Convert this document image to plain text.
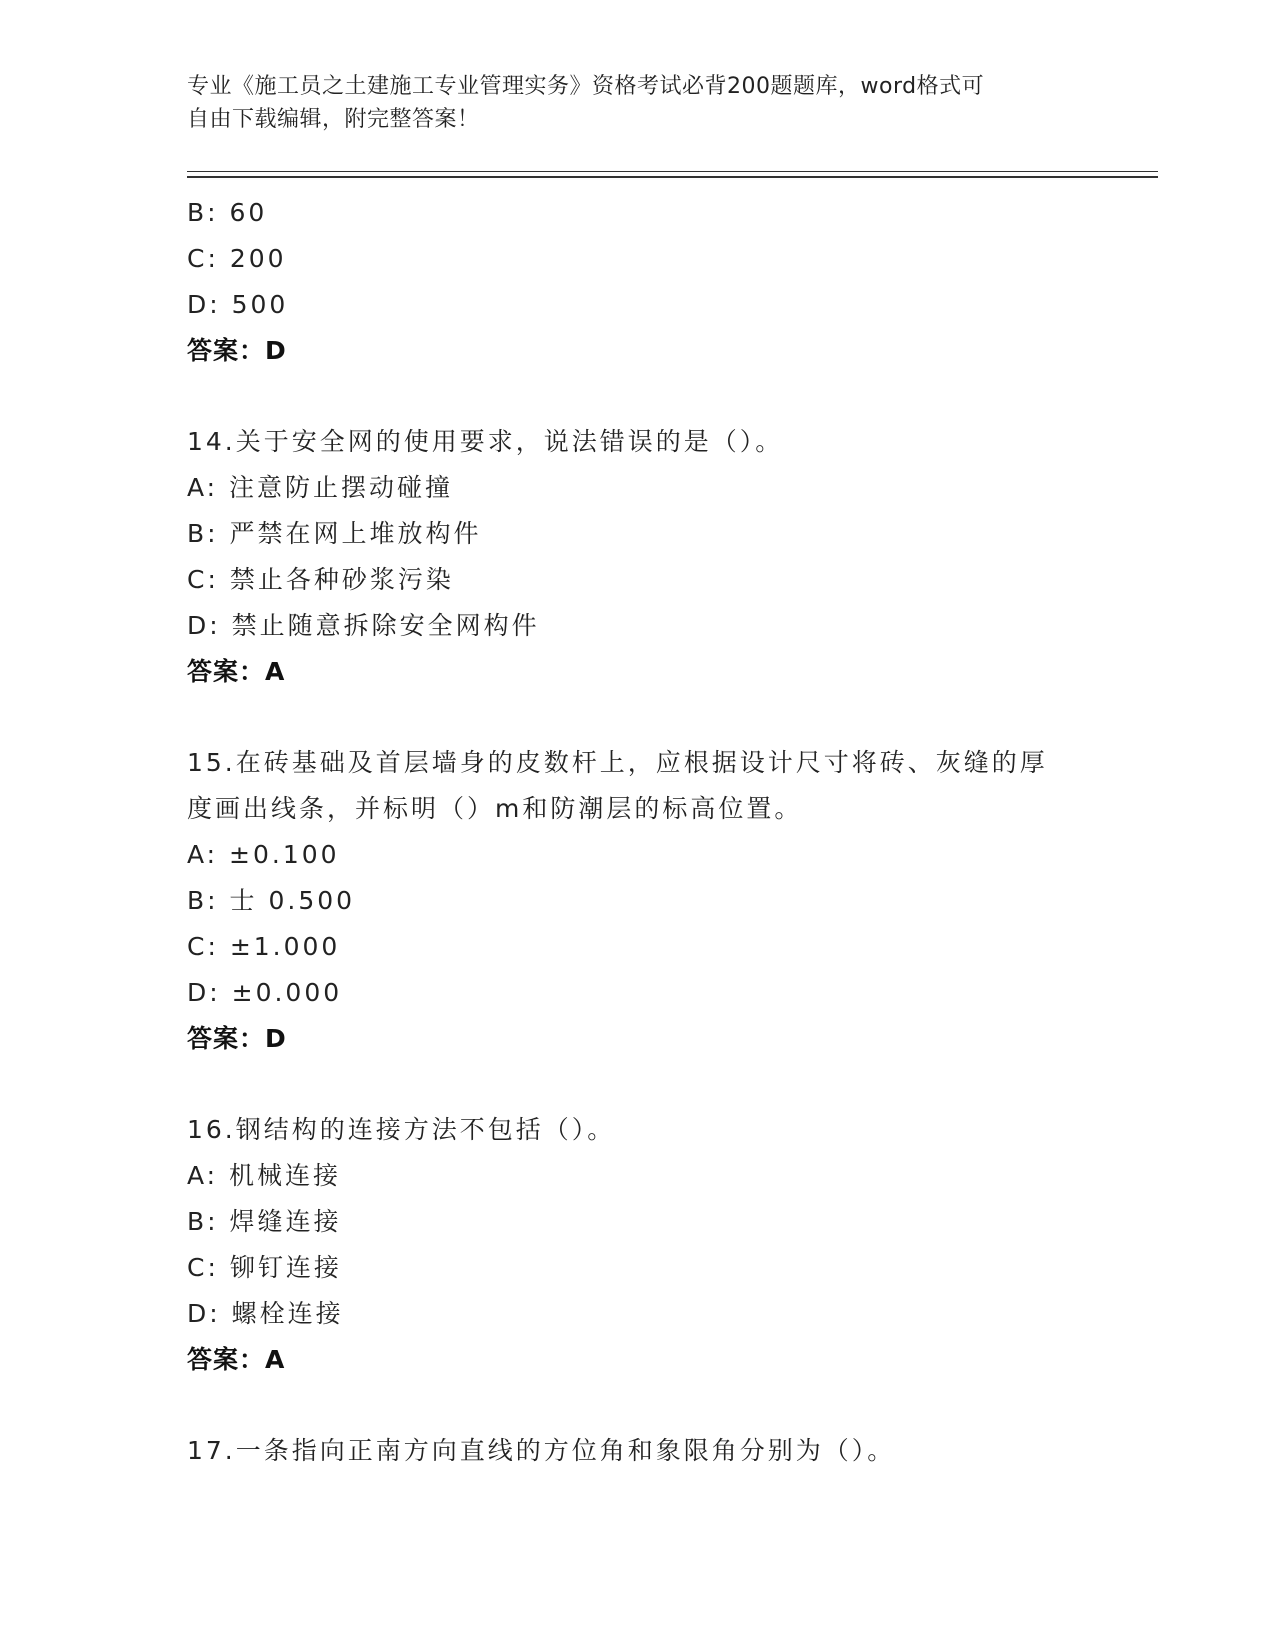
专业《施工员之土建施工专业管理实务》资格考试必背200题题库，word格式可
自由下载编辑，附完整答案！
B: 60
C: 200
D: 500
答案：D
14.关于安全网的使用要求，说法错误的是（）。
A: 注意防止摆动碰撞
B: 严禁在网上堆放构件
C: 禁止各种砂浆污染
D: 禁止随意拆除安全网构件
答案：A
15.在砖基础及首层墙身的皮数杆上，应根据设计尺寸将砖、灰缝的厚
度画出线条，并标明（）m和防潮层的标高位置。
A: ±0.100
B: 士 0.500
C: ±1.000
D: ±0.000
答案：D
16.钢结构的连接方法不包括（）。
A: 机械连接
B: 焊缝连接
C: 铆钉连接
D: 螺栓连接
答案：A
17.一条指向正南方向直线的方位角和象限角分别为（）。
